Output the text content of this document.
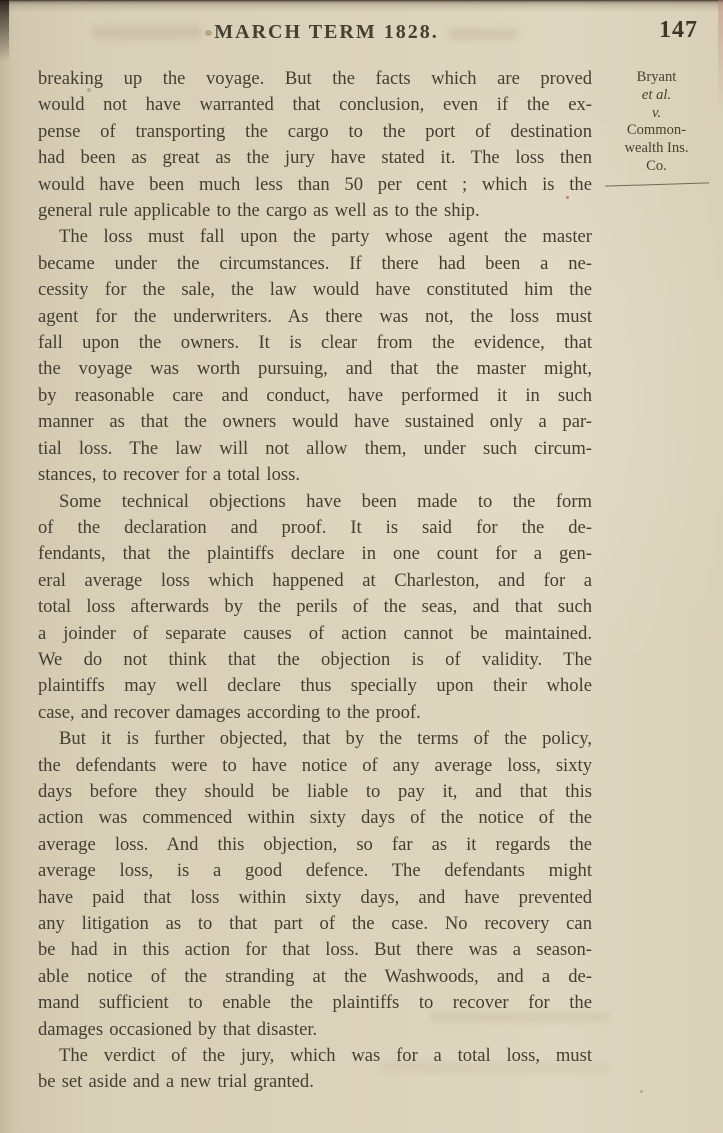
MARCH TERM 1828.	147

breaking up the voyage. But the facts which are proved
would not have warranted that conclusion, even if the ex-
pense of transporting the cargo to the port of destination
had been as great as the jury have stated it. The loss then
would have been much less than 50 per cent ; which is the
general rule applicable to the cargo as well as to the ship.

The loss must fall upon the party whose agent the master
became under the circumstances. If there had been a ne-
cessity for the sale, the law would have constituted him the
agent for the underwriters. As there was not, the loss must
fall upon the owners. It is clear from the evidence, that
the voyage was worth pursuing, and that the master might,
by reasonable care and conduct, have performed it in such
manner as that the owners would have sustained only a par-
tial loss. The law will not allow them, under such circum-
stances, to recover for a total loss.

Some technical objections have been made to the form
of the declaration and proof. It is said for the de-
fendants, that the plaintiffs declare in one count for a gen-
eral average loss which happened at Charleston, and for a
total loss afterwards by the perils of the seas, and that such
a joinder of separate causes of action cannot be maintained.
We do not think that the objection is of validity. The
plaintiffs may well declare thus specially upon their whole
case, and recover damages according to the proof.

But it is further objected, that by the terms of the policy,
the defendants were to have notice of any average loss, sixty
days before they should be liable to pay it, and that this
action was commenced within sixty days of the notice of the
average loss. And this objection, so far as it regards the
average loss, is a good defence. The defendants might
have paid that loss within sixty days, and have prevented
any litigation as to that part of the case. No recovery can
be had in this action for that loss. But there was a season-
able notice of the stranding at the Washwoods, and a de-
mand sufficient to enable the plaintiffs to recover for the
damages occasioned by that disaster.

The verdict of the jury, which was for a total loss, must
be set aside and a new trial granted.

Bryant
et al.
v.
Common-
wealth Ins.
Co.
